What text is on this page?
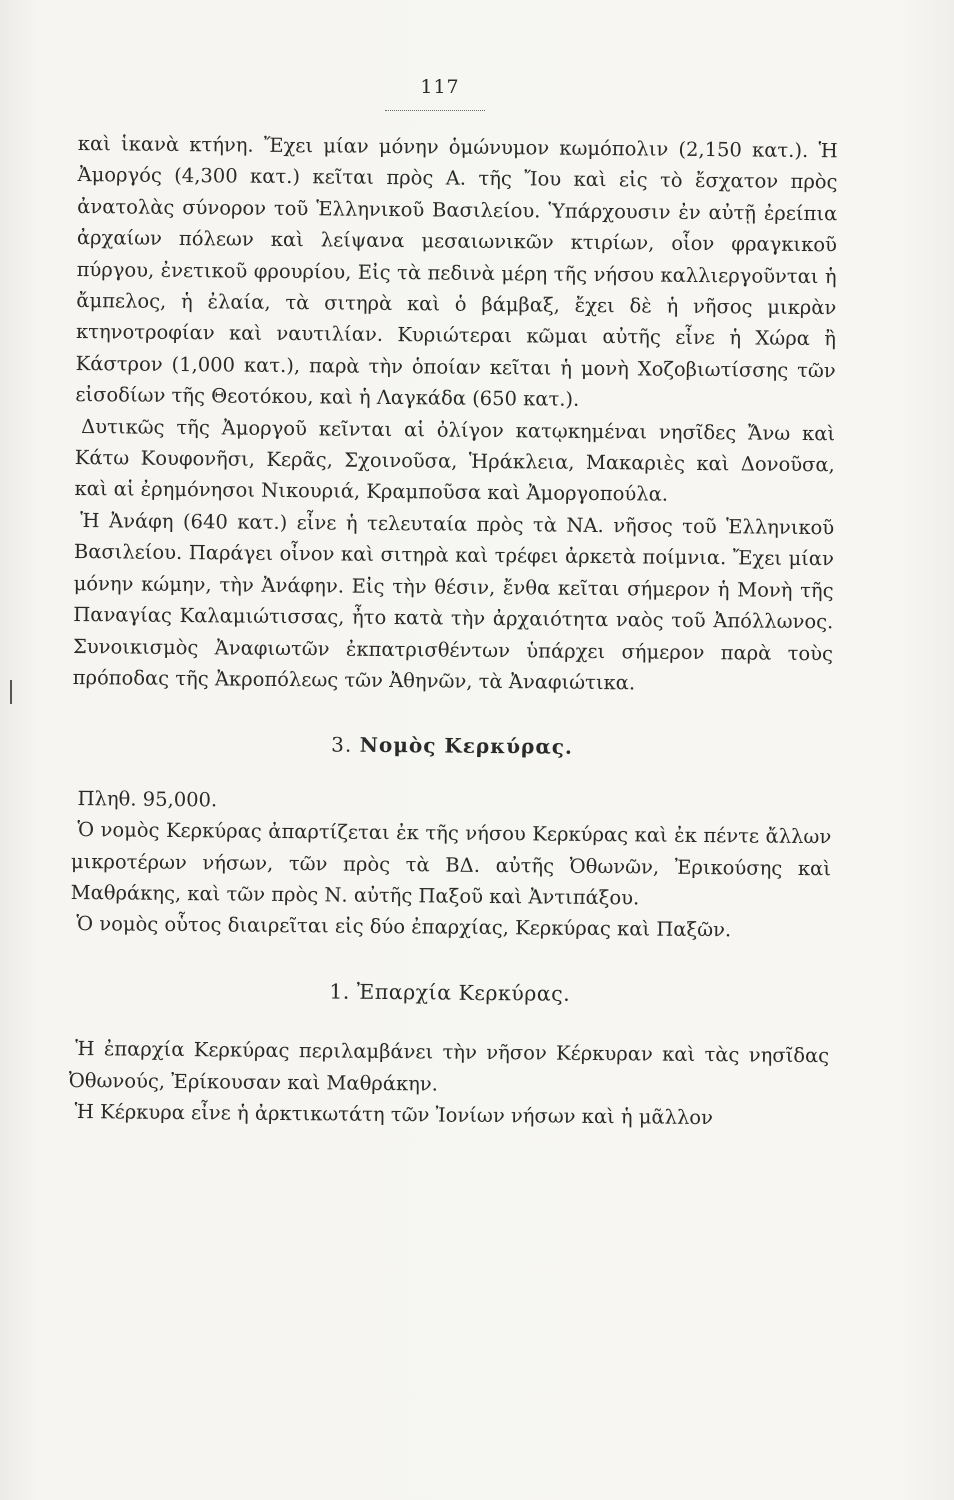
117

καὶ ἱκανὰ κτήνη. Ἔχει μίαν μόνην ὁμώνυμον κωμόπολιν (2,150 κατ.). Ἡ Ἀμοργός (4,300 κατ.) κεῖται πρὸς Α. τῆς Ἴου καὶ εἰς τὸ ἔσχατον πρὸς ἀνατολὰς σύνορον τοῦ Ἑλληνικοῦ Βασιλείου. Ὑπάρχουσιν ἐν αὐτῇ ἐρείπια ἀρχαίων πόλεων καὶ λείψανα μεσαιωνικῶν κτιρίων, οἷον φραγκικοῦ πύργου, ἐνετικοῦ φρουρίου, Εἰς τὰ πεδινὰ μέρη τῆς νήσου καλλιεργοῦνται ἡ ἄμπελος, ἡ ἐλαία, τὰ σιτηρὰ καὶ ὁ βάμβαξ, ἔχει δὲ ἡ νῆσος μικρὰν κτηνοτροφίαν καὶ ναυτιλίαν. Κυριώτεραι κῶμαι αὐτῆς εἶνε ἡ Χώρα ἢ Κάστρον (1,000 κατ.), παρὰ τὴν ὁποίαν κεῖται ἡ μονὴ Χοζοβιωτίσσης τῶν εἰσοδίων τῆς Θεοτόκου, καὶ ἡ Λαγκάδα (650 κατ.).

Δυτικῶς τῆς Ἀμοργοῦ κεῖνται αἱ ὀλίγον κατῳκημέναι νησῖδες Ἄνω καὶ Κάτω Κουφονῆσι, Κερᾶς, Σχοινοῦσα, Ἡράκλεια, Μακαριὲς καὶ Δονοῦσα, καὶ αἱ ἐρημόνησοι Νικουριά, Κραμποῦσα καὶ Ἀμοργοπούλα.

Ἡ Ἀνάφη (640 κατ.) εἶνε ἡ τελευταία πρὸς τὰ ΝΑ. νῆσος τοῦ Ἑλληνικοῦ Βασιλείου. Παράγει οἶνον καὶ σιτηρὰ καὶ τρέφει ἀρκετὰ ποίμνια. Ἔχει μίαν μόνην κώμην, τὴν Ἀνάφην. Εἰς τὴν θέσιν, ἔνθα κεῖται σήμερον ἡ Μονὴ τῆς Παναγίας Καλαμιώτισσας, ἦτο κατὰ τὴν ἀρχαιότητα ναὸς τοῦ Ἀπόλλωνος. Συνοικισμὸς Ἀναφιωτῶν ἐκπατρισθέντων ὑπάρχει σήμερον παρὰ τοὺς πρόποδας τῆς Ἀκροπόλεως τῶν Ἀθηνῶν, τὰ Ἀναφιώτικα.

3. Νομὸς Κερκύρας.

Πληθ. 95,000.

Ὁ νομὸς Κερκύρας ἀπαρτίζεται ἐκ τῆς νήσου Κερκύρας καὶ ἐκ πέντε ἄλλων μικροτέρων νήσων, τῶν πρὸς τὰ ΒΔ. αὐτῆς Ὀθωνῶν, Ἐρικούσης καὶ Μαθράκης, καὶ τῶν πρὸς Ν. αὐτῆς Παξοῦ καὶ Ἀντιπάξου.

Ὁ νομὸς οὗτος διαιρεῖται εἰς δύο ἐπαρχίας, Κερκύρας καὶ Παξῶν.

1. Ἐπαρχία Κερκύρας.

Ἡ ἐπαρχία Κερκύρας περιλαμβάνει τὴν νῆσον Κέρκυραν καὶ τὰς νησῖδας Ὀθωνούς, Ἐρίκουσαν καὶ Μαθράκην.

Ἡ Κέρκυρα εἶνε ἡ ἀρκτικωτάτη τῶν Ἰονίων νήσων καὶ ἡ μᾶλλον
